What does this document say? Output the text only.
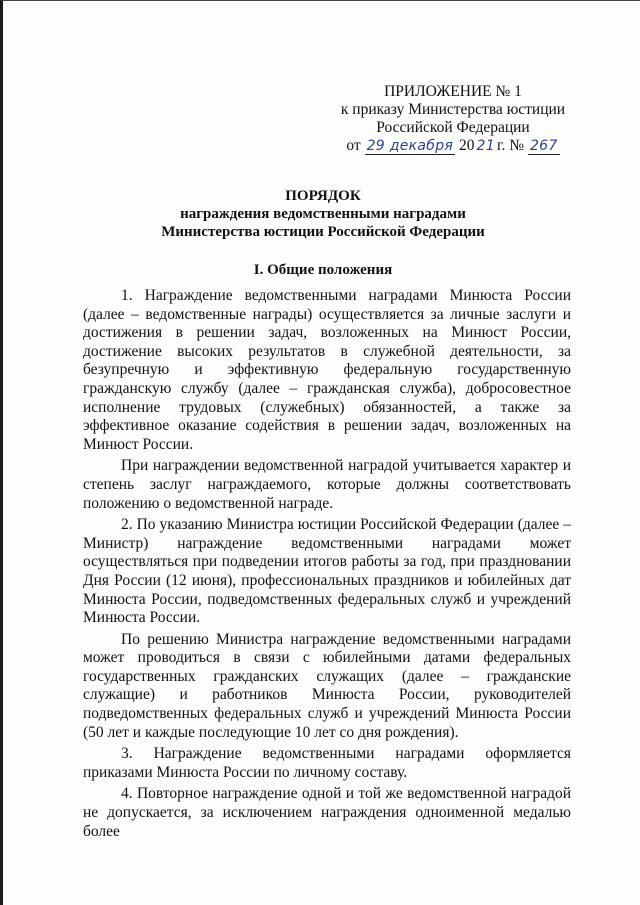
ПРИЛОЖЕНИЕ № 1
к приказу Министерства юстиции
Российской Федерации
от 29 декабря 20 21 г. № 267
ПОРЯДОК
награждения ведомственными наградами
Министерства юстиции Российской Федерации
I. Общие положения

1. Награждение ведомственными наградами Минюста России (далее – ведомственные награды) осуществляется за личные заслуги и достижения в решении задач, возложенных на Минюст России, достижение высоких результатов в служебной деятельности, за безупречную и эффективную федеральную государственную гражданскую службу (далее – гражданская служба), добросовестное исполнение трудовых (служебных) обязанностей, а также за эффективное оказание содействия в решении задач, возложенных на Минюст России.

При награждении ведомственной наградой учитывается характер и степень заслуг награждаемого, которые должны соответствовать положению о ведомственной награде.

2. По указанию Министра юстиции Российской Федерации (далее – Министр) награждение ведомственными наградами может осуществляться при подведении итогов работы за год, при праздновании Дня России (12 июня), профессиональных праздников и юбилейных дат Минюста России, подведомственных федеральных служб и учреждений Минюста России.

По решению Министра награждение ведомственными наградами может проводиться в связи с юбилейными датами федеральных государственных гражданских служащих (далее – гражданские служащие) и работников Минюста России, руководителей подведомственных федеральных служб и учреждений Минюста России (50 лет и каждые последующие 10 лет со дня рождения).

3. Награждение ведомственными наградами оформляется приказами Минюста России по личному составу.

4. Повторное награждение одной и той же ведомственной наградой не допускается, за исключением награждения одноименной медалью более
